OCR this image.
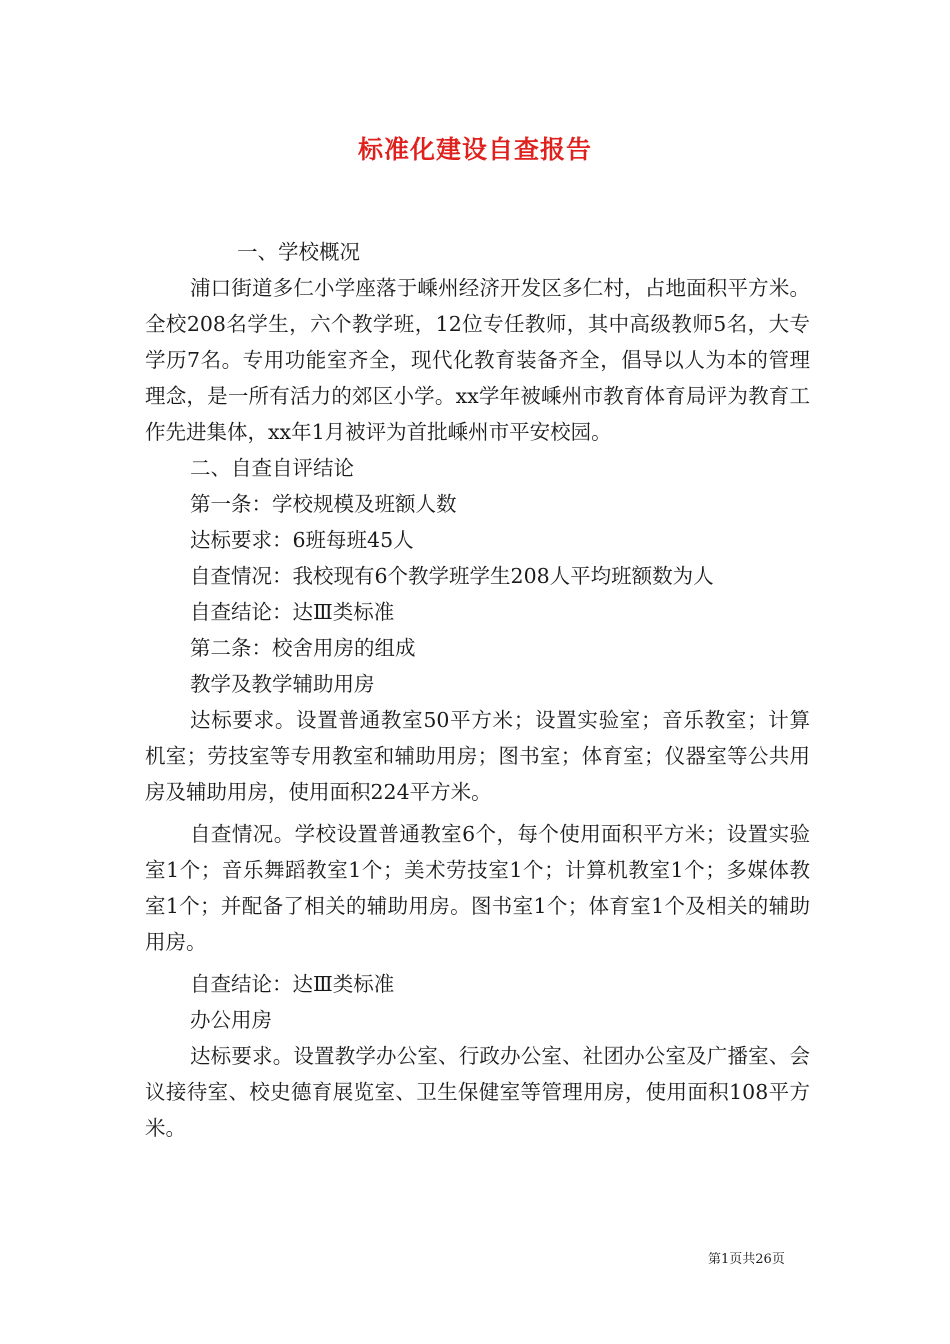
标准化建设自查报告

一、学校概况

浦口街道多仁小学座落于嵊州经济开发区多仁村，占地面积平方米。全校208名学生，六个教学班，12位专任教师，其中高级教师5名，大专学历7名。专用功能室齐全，现代化教育装备齐全，倡导以人为本的管理理念，是一所有活力的郊区小学。xx学年被嵊州市教育体育局评为教育工作先进集体，xx年1月被评为首批嵊州市平安校园。

二、自查自评结论

第一条：学校规模及班额人数

达标要求：6班每班45人

自查情况：我校现有6个教学班学生208人平均班额数为人

自查结论：达Ⅲ类标准

第二条：校舍用房的组成

教学及教学辅助用房

达标要求。设置普通教室50平方米；设置实验室；音乐教室；计算机室；劳技室等专用教室和辅助用房；图书室；体育室；仪器室等公共用房及辅助用房，使用面积224平方米。

自查情况。学校设置普通教室6个，每个使用面积平方米；设置实验室1个；音乐舞蹈教室1个；美术劳技室1个；计算机教室1个；多媒体教室1个；并配备了相关的辅助用房。图书室1个；体育室1个及相关的辅助用房。

自查结论：达Ⅲ类标准

办公用房

达标要求。设置教学办公室、行政办公室、社团办公室及广播室、会议接待室、校史德育展览室、卫生保健室等管理用房，使用面积108平方米。

第1页共26页
